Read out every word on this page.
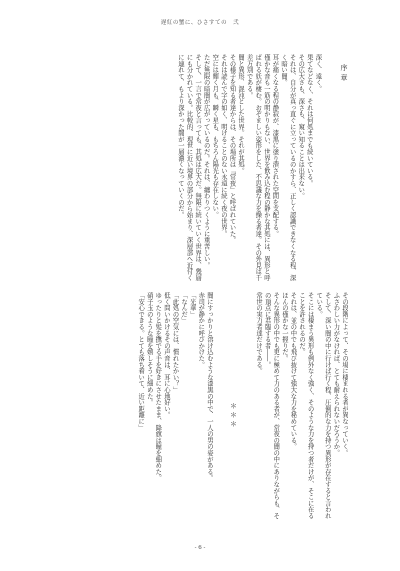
遅紅の蟹に、ひさすての　弐

序章

深く、遠く。

果てなどなく、それは何処までも続いている。

その広大さも、深さも、窺い知ることは出来ない。

それは、自分が真っ直ぐに立っているのかすら、正しく認識できなくなる程、深く暗い闇。

耳が痛くなる程の静寂が、漆黒に塗り潰された空間を支配する。

僅かな音も一筋の明かりもない、世界を飲み込む程の静かな其処には、異形と呼ばれる妖が棲む。おぞましい姿形をした、不思議な力を操る者達。その外見は千差万別である。

闇と異形、混沌とした世界。それが其処。

その様子を知る者達からは、その場所は『常夜』と呼ばれていた。

それは読んで字の如く、明けることのない永遠に続く夜の世界。

空には輝く月も、瞬く星も、もちろん陽光も存在しない。

ただ無限の暗闇が広がっているのだ。それは、纏わりつくように重苦しい。

そして、一言で常夜と言っても、其処は広大だ。無限に続いていく世界は、幾層にも分かれている。比較的、現世に近い境界の部分から始まり、深層部へ近付くに連れて、もより深かった闇が一層濃くなっていくのだ。

その段階によって、その場に棲まれる者が異なっていく。

ふさわしい力がなければ、とても耐えられないだろうか。

そして、深い闇の中に行けば行く程、圧倒的な力を持つ異形が存在すると言われている。

そこには棲まう異形も例外なく強く、そのような力を持つ者だけが、そこに在ることを許されるのだ。

それは、並の中でも飛び抜けて強大な力を秘めている。

ほんの僅かな一握りだ。

そんな異形の中でも更に極めて力のある者が、常夜の闇の中にありながらも、その頂点に君臨する者――。

常世の実力者達だけである。

＊＊＊

闇にすっかりと溶け込むような漆黒の中で、一人の男の姿がある。

赤司が静かに呼びかけた。

「光華」

「なんだ」

「此処の空気には、慣れたかい？」

低く問いかけるその声音は、耳に心地好い。

ゆったりと髪を撫でる手を好きにさせたまま、降旗は瞳を細めた。

硝子玉のような瞳を嬉しそうに細めた。

「安心できる。とても落ち着いて、近い距離に」

- 6 -
